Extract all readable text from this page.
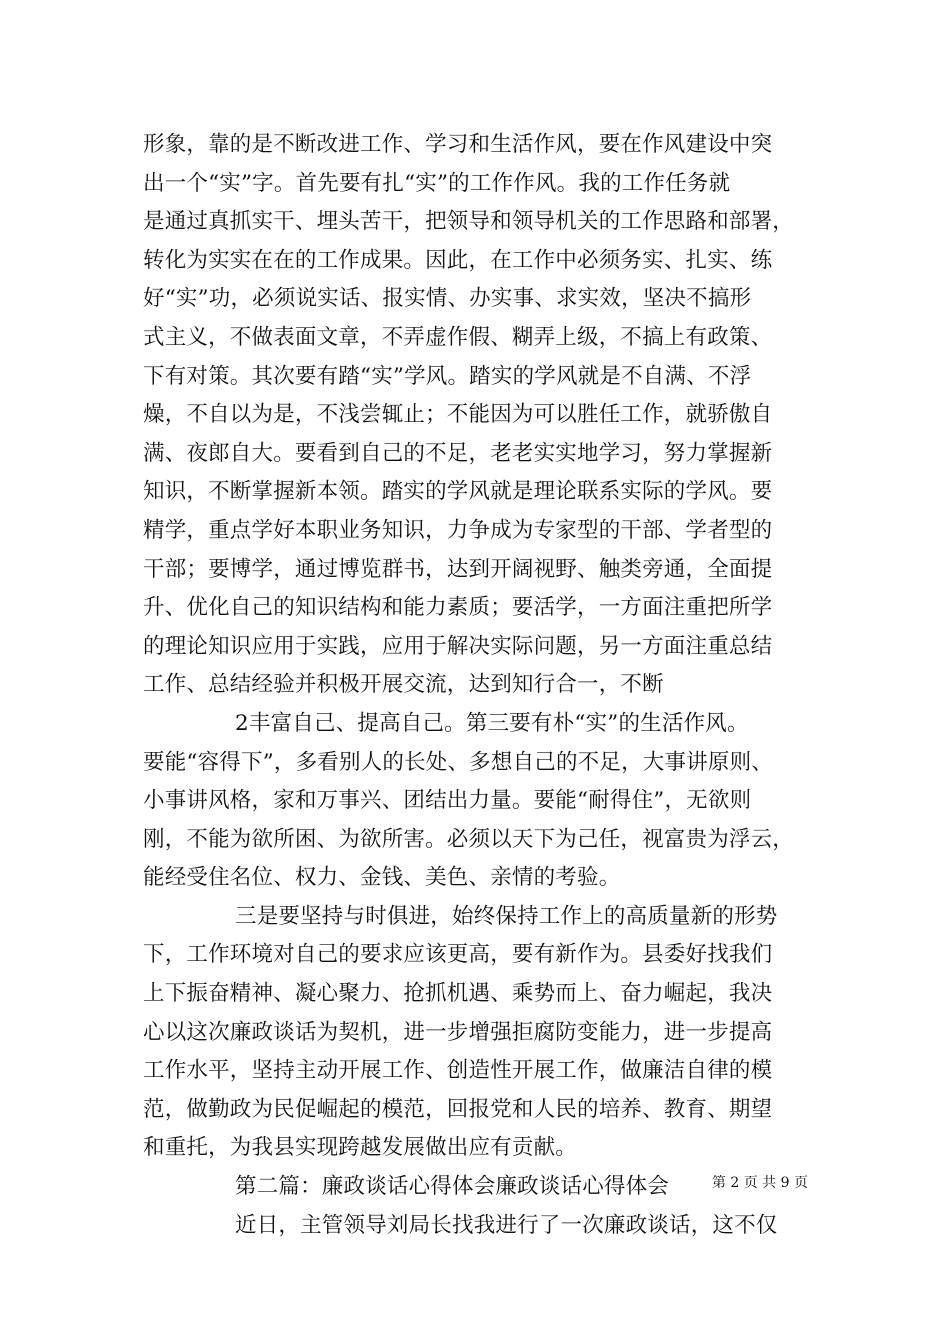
形象，靠的是不断改进工作、学习和生活作风，要在作风建设中突
出一个“实”字。首先要有扎“实”的工作作风。我的工作任务就
是通过真抓实干、埋头苦干，把领导和领导机关的工作思路和部署，
转化为实实在在的工作成果。因此，在工作中必须务实、扎实、练
好“实”功，必须说实话、报实情、办实事、求实效，坚决不搞形
式主义，不做表面文章，不弄虚作假、糊弄上级，不搞上有政策、
下有对策。其次要有踏“实”学风。踏实的学风就是不自满、不浮
燥，不自以为是，不浅尝辄止；不能因为可以胜任工作，就骄傲自
满、夜郎自大。要看到自己的不足，老老实实地学习，努力掌握新
知识，不断掌握新本领。踏实的学风就是理论联系实际的学风。要
精学，重点学好本职业务知识，力争成为专家型的干部、学者型的
干部；要博学，通过博览群书，达到开阔视野、触类旁通，全面提
升、优化自己的知识结构和能力素质；要活学，一方面注重把所学
的理论知识应用于实践，应用于解决实际问题，另一方面注重总结
工作、总结经验并积极开展交流，达到知行合一，不断
2丰富自己、提高自己。第三要有朴“实”的生活作风。
要能“容得下”，多看别人的长处、多想自己的不足，大事讲原则、
小事讲风格，家和万事兴、团结出力量。要能“耐得住”，无欲则
刚，不能为欲所困、为欲所害。必须以天下为己任，视富贵为浮云，
能经受住名位、权力、金钱、美色、亲情的考验。
三是要坚持与时俱进，始终保持工作上的高质量新的形势
下，工作环境对自己的要求应该更高，要有新作为。县委好找我们
上下振奋精神、凝心聚力、抢抓机遇、乘势而上、奋力崛起，我决
心以这次廉政谈话为契机，进一步增强拒腐防变能力，进一步提高
工作水平，坚持主动开展工作、创造性开展工作，做廉洁自律的模
范，做勤政为民促崛起的模范，回报党和人民的培养、教育、期望
和重托，为我县实现跨越发展做出应有贡献。
第二篇：廉政谈话心得体会廉政谈话心得体会
近日，主管领导刘局长找我进行了一次廉政谈话，这不仅
第 2 页 共 9 页
